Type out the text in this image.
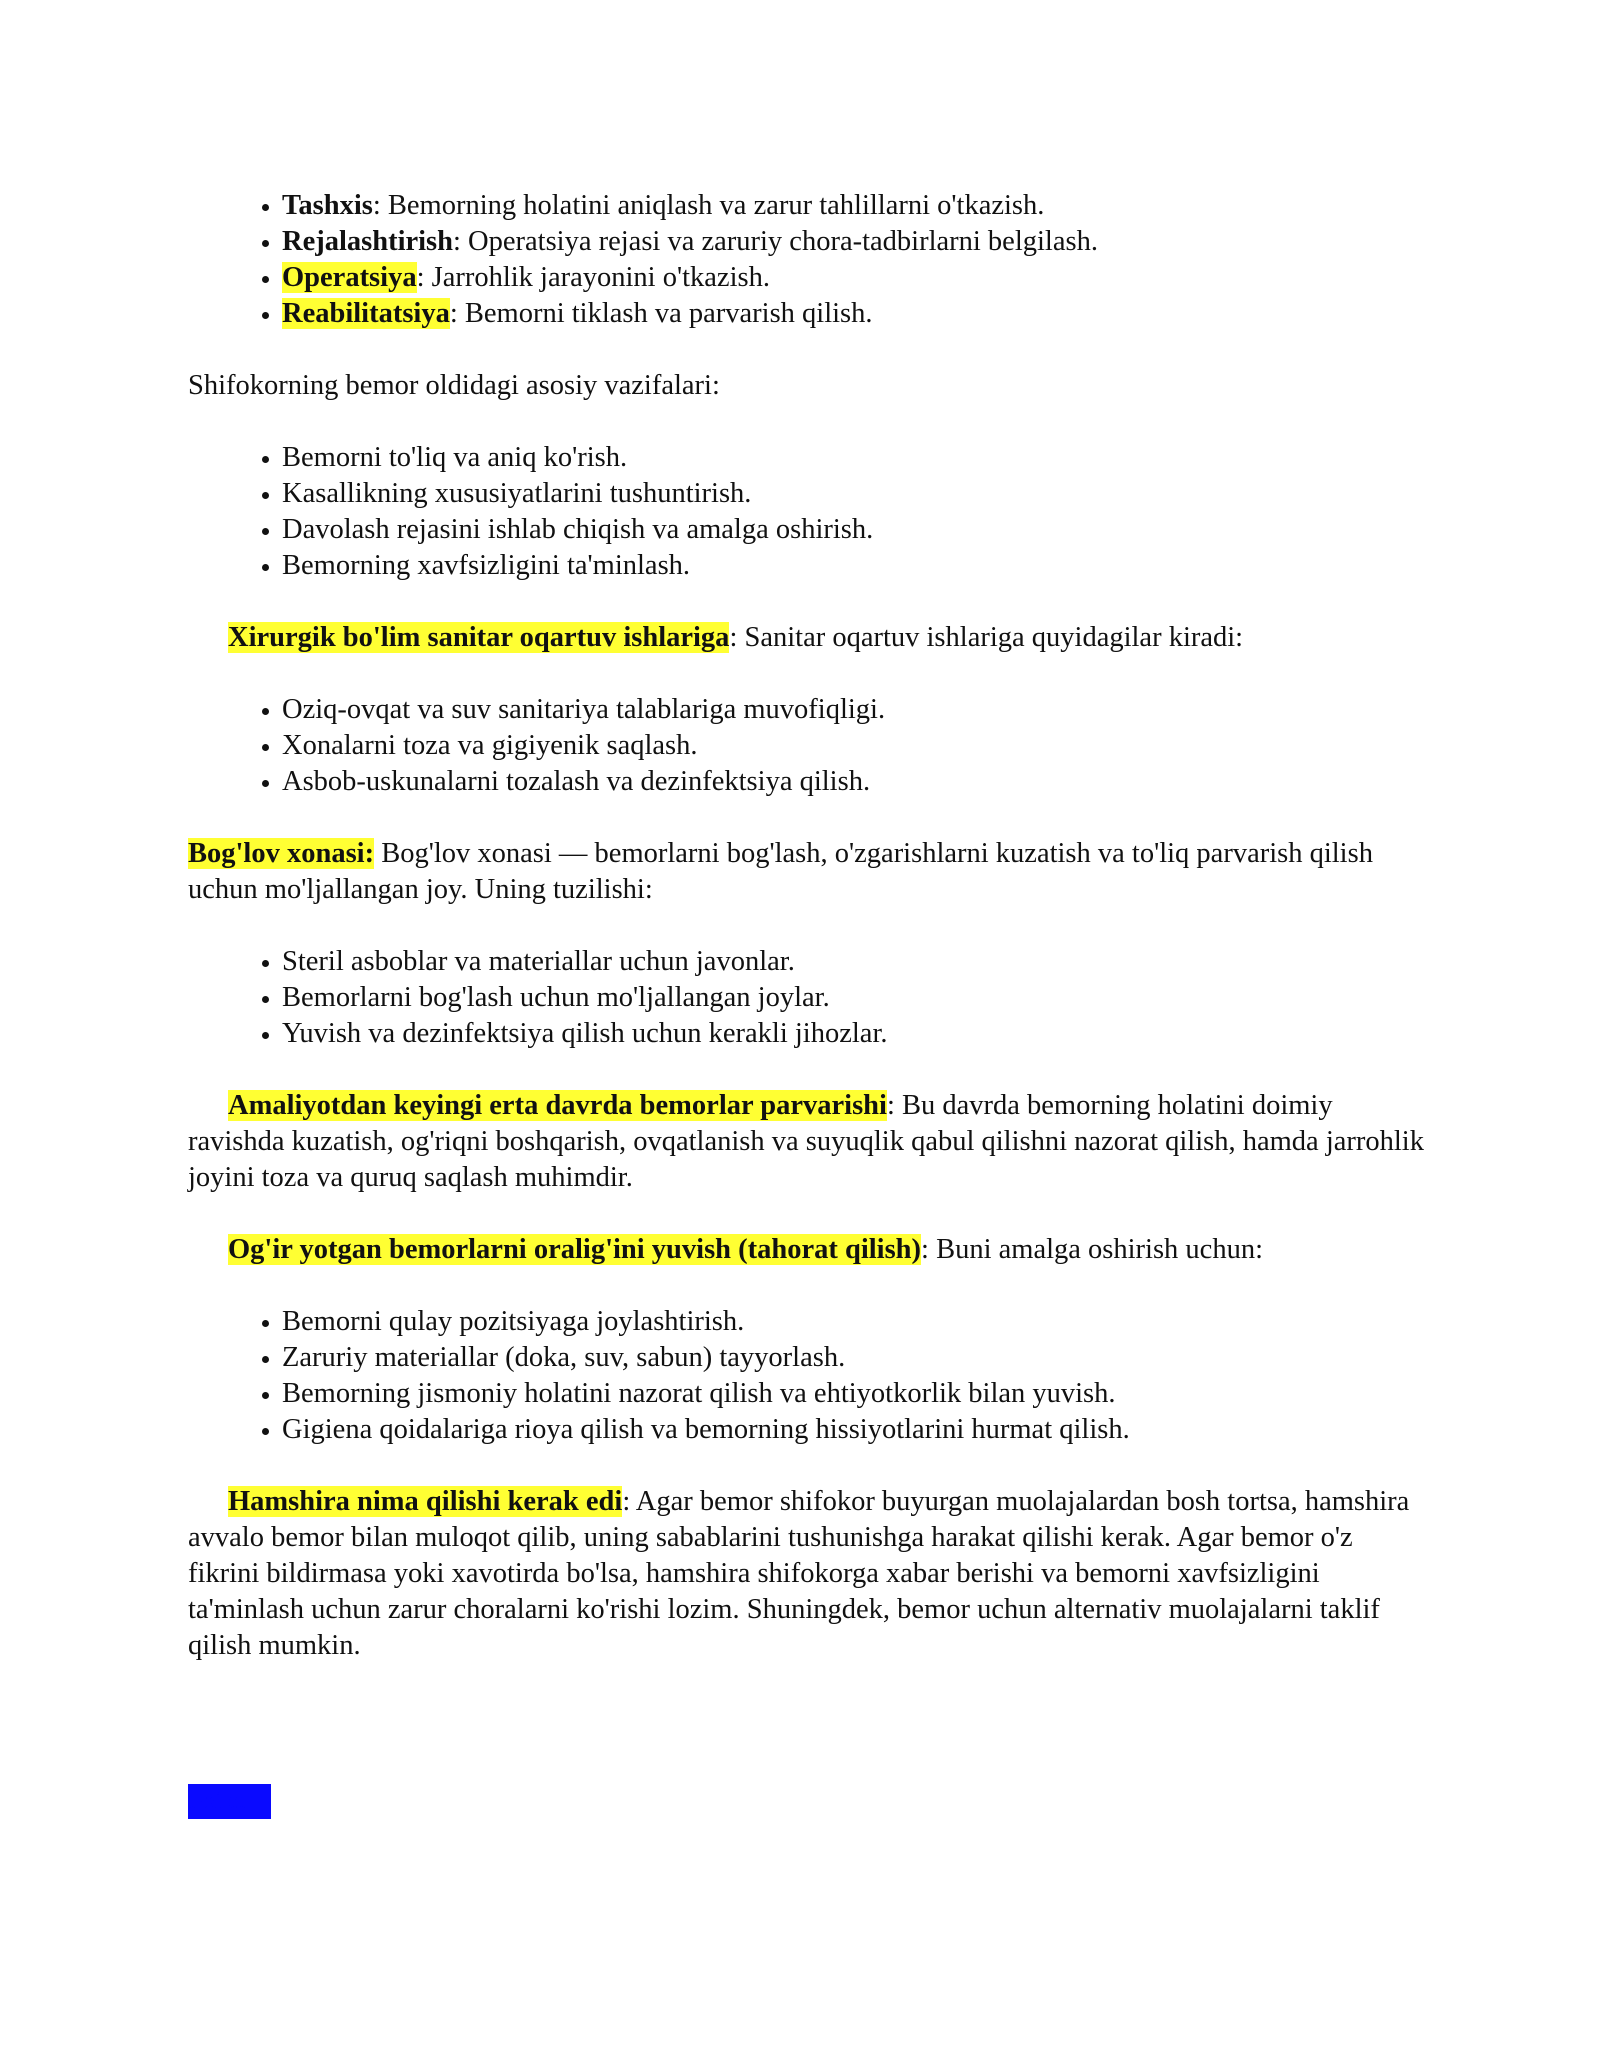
• Tashxis: Bemorning holatini aniqlash va zarur tahlillarni o'tkazish.
• Rejalashtirish: Operatsiya rejasi va zaruriy chora-tadbirlarni belgilash.
• Operatsiya: Jarrohlik jarayonini o'tkazish.
• Reabilitatsiya: Bemorni tiklash va parvarish qilish.

Shifokorning bemor oldidagi asosiy vazifalari:

• Bemorni to'liq va aniq ko'rish.
• Kasallikning xususiyatlarini tushuntirish.
• Davolash rejasini ishlab chiqish va amalga oshirish.
• Bemorning xavfsizligini ta'minlash.

Xirurgik bo'lim sanitar oqartuv ishlariga: Sanitar oqartuv ishlariga quyidagilar kiradi:

• Oziq-ovqat va suv sanitariya talablariga muvofiqligi.
• Xonalarni toza va gigiyenik saqlash.
• Asbob-uskunalarni tozalash va dezinfektsiya qilish.

Bog'lov xonasi: Bog'lov xonasi — bemorlarni bog'lash, o'zgarishlarni kuzatish va to'liq parvarish qilish uchun mo'ljallangan joy. Uning tuzilishi:

• Steril asboblar va materiallar uchun javonlar.
• Bemorlarni bog'lash uchun mo'ljallangan joylar.
• Yuvish va dezinfektsiya qilish uchun kerakli jihozlar.

Amaliyotdan keyingi erta davrda bemorlar parvarishi: Bu davrda bemorning holatini doimiy ravishda kuzatish, og'riqni boshqarish, ovqatlanish va suyuqlik qabul qilishni nazorat qilish, hamda jarrohlik joyini toza va quruq saqlash muhimdir.

Og'ir yotgan bemorlarni oralig'ini yuvish (tahorat qilish): Buni amalga oshirish uchun:

• Bemorni qulay pozitsiyaga joylashtirish.
• Zaruriy materiallar (doka, suv, sabun) tayyorlash.
• Bemorning jismoniy holatini nazorat qilish va ehtiyotkorlik bilan yuvish.
• Gigiena qoidalariga rioya qilish va bemorning hissiyotlarini hurmat qilish.

Hamshira nima qilishi kerak edi: Agar bemor shifokor buyurgan muolajalardan bosh tortsa, hamshira avvalo bemor bilan muloqot qilib, uning sabablarini tushunishga harakat qilishi kerak. Agar bemor o'z fikrini bildirmasa yoki xavotirda bo'lsa, hamshira shifokorga xabar berishi va bemorni xavfsizligini ta'minlash uchun zarur choralarni ko'rishi lozim. Shuningdek, bemor uchun alternativ muolajalarni taklif qilish mumkin.

t-bilet
